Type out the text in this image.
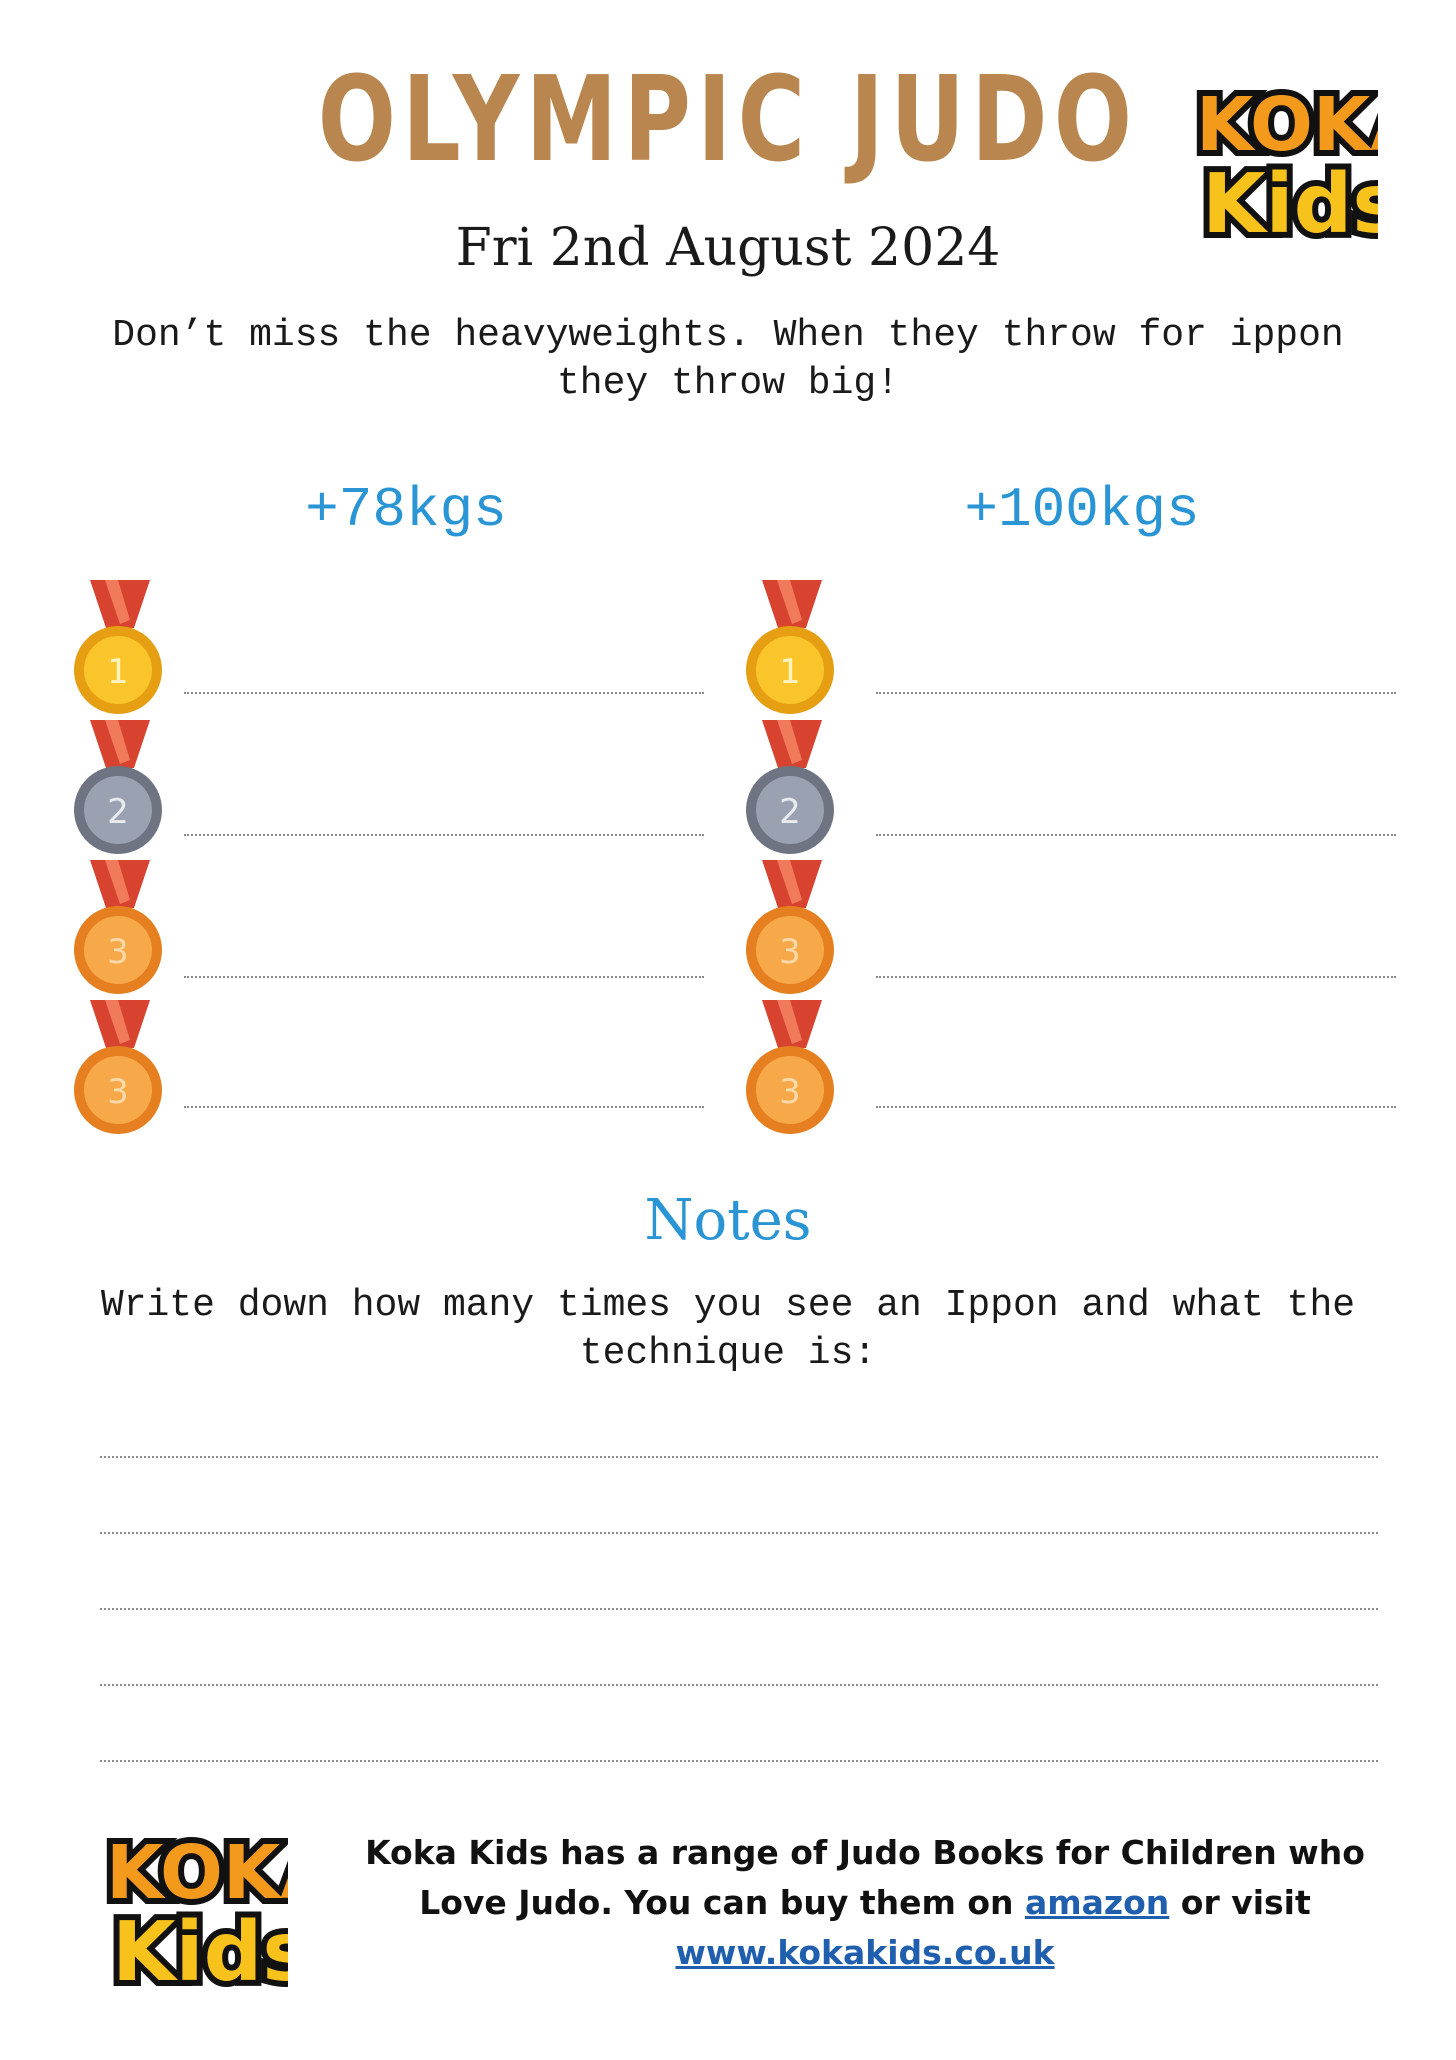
OLYMPIC JUDO
Fri 2nd August 2024
Don’t miss the heavyweights. When they throw for ippon they throw big!
KOK
KOK
Kids
Kids
+78kgs	+100kgs
1
2
3
3
1
2
3
3
Notes
Write down how many times you see an Ippon and what the technique is:
KOK
KOK
Kids
Kids
Koka Kids has a range of Judo Books for Children who Love Judo. You can buy them on amazon or visit
www.kokakids.co.uk
